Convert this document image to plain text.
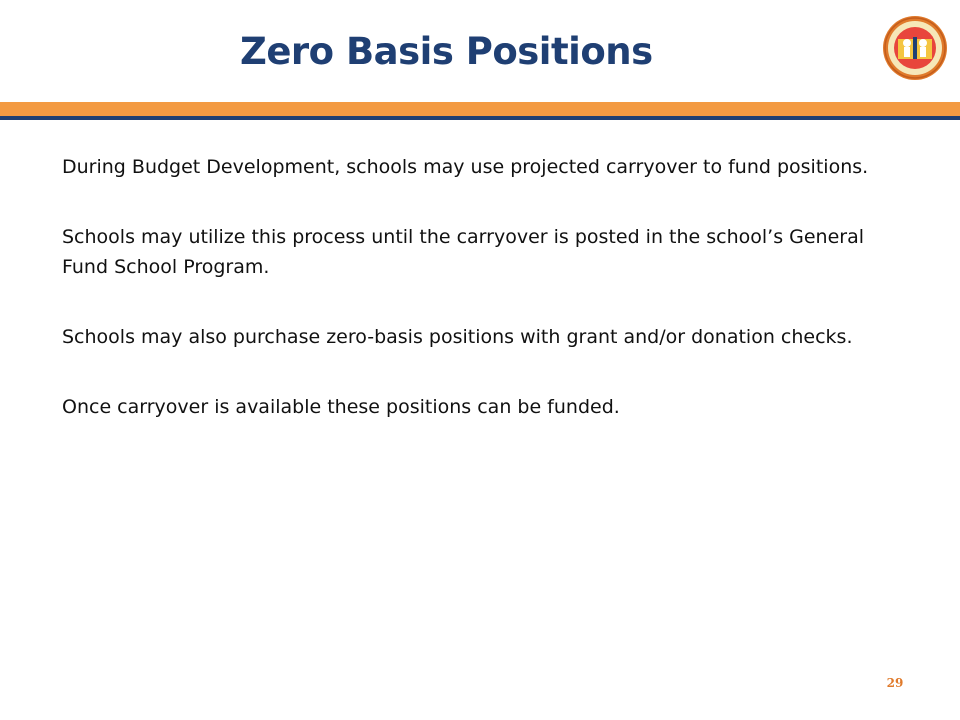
Zero Basis Positions

During Budget Development, schools may use projected carryover to fund positions.

Schools may utilize this process until the carryover is posted in the school’s General Fund School Program.

Schools may also purchase zero-basis positions with grant and/or donation checks.

Once carryover is available these positions can be funded.

29
